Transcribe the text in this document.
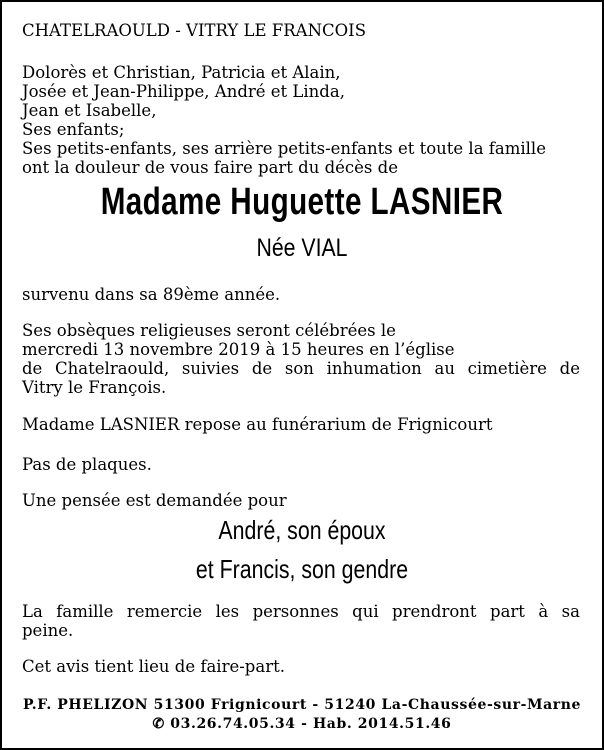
CHATELRAOULD - VITRY LE FRANCOIS
Dolorès et Christian, Patricia et Alain,
Josée et Jean-Philippe, André et Linda,
Jean et Isabelle,
Ses enfants;
Ses petits-enfants, ses arrière petits-enfants et toute la famille
ont la douleur de vous faire part du décès de
Madame Huguette LASNIER
Née VIAL
survenu dans sa 89ème année.
Ses obsèques religieuses seront célébrées le
mercredi 13 novembre 2019 à 15 heures en l’église
de Chatelraould, suivies de son inhumation au cimetière de
Vitry le François.
Madame LASNIER repose au funérarium de Frignicourt
Pas de plaques.
Une pensée est demandée pour
André, son époux
et Francis, son gendre
La famille remercie les personnes qui prendront part à sa
peine.
Cet avis tient lieu de faire-part.
P.F. PHELIZON 51300 Frignicourt - 51240 La-Chaussée-sur-Marne
✆ 03.26.74.05.34 - Hab. 2014.51.46
